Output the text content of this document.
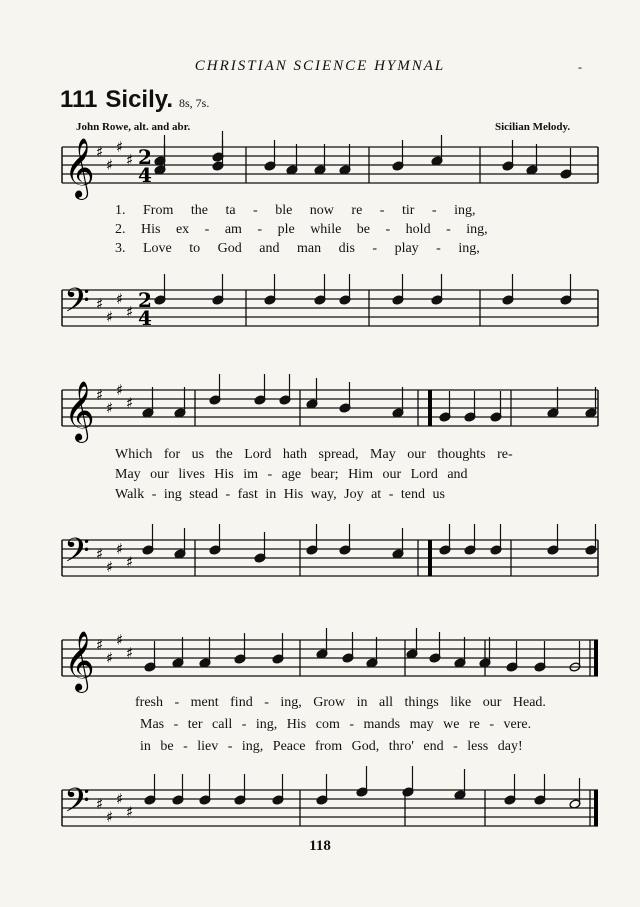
CHRISTIAN SCIENCE HYMNAL	-
111 Sicily. 8s, 7s.
John Rowe, alt. and abr.	Sicilian Melody.
𝄞 ♯
♯
♯
♯ 2
4
1. From the ta - ble now re - tir - ing,
2. His ex - am - ple while be - hold - ing,
3. Love to God and man dis - play - ing,
𝄢 ♯
♯
♯
♯ 2
4
𝄞 ♯
♯
♯
♯
Which for us the Lord hath spread, May our thoughts re-
May our lives His im - age bear; Him our Lord and
Walk - ing stead - fast in His way, Joy at - tend us
𝄢 ♯
♯
♯
♯
𝄞 ♯
♯
♯
♯
fresh - ment find - ing, Grow in all things like our Head.
Mas - ter call - ing, His com - mands may we re - vere.
in be - liev - ing, Peace from God, thro' end - less day!
𝄢 ♯
♯
♯
♯
118
